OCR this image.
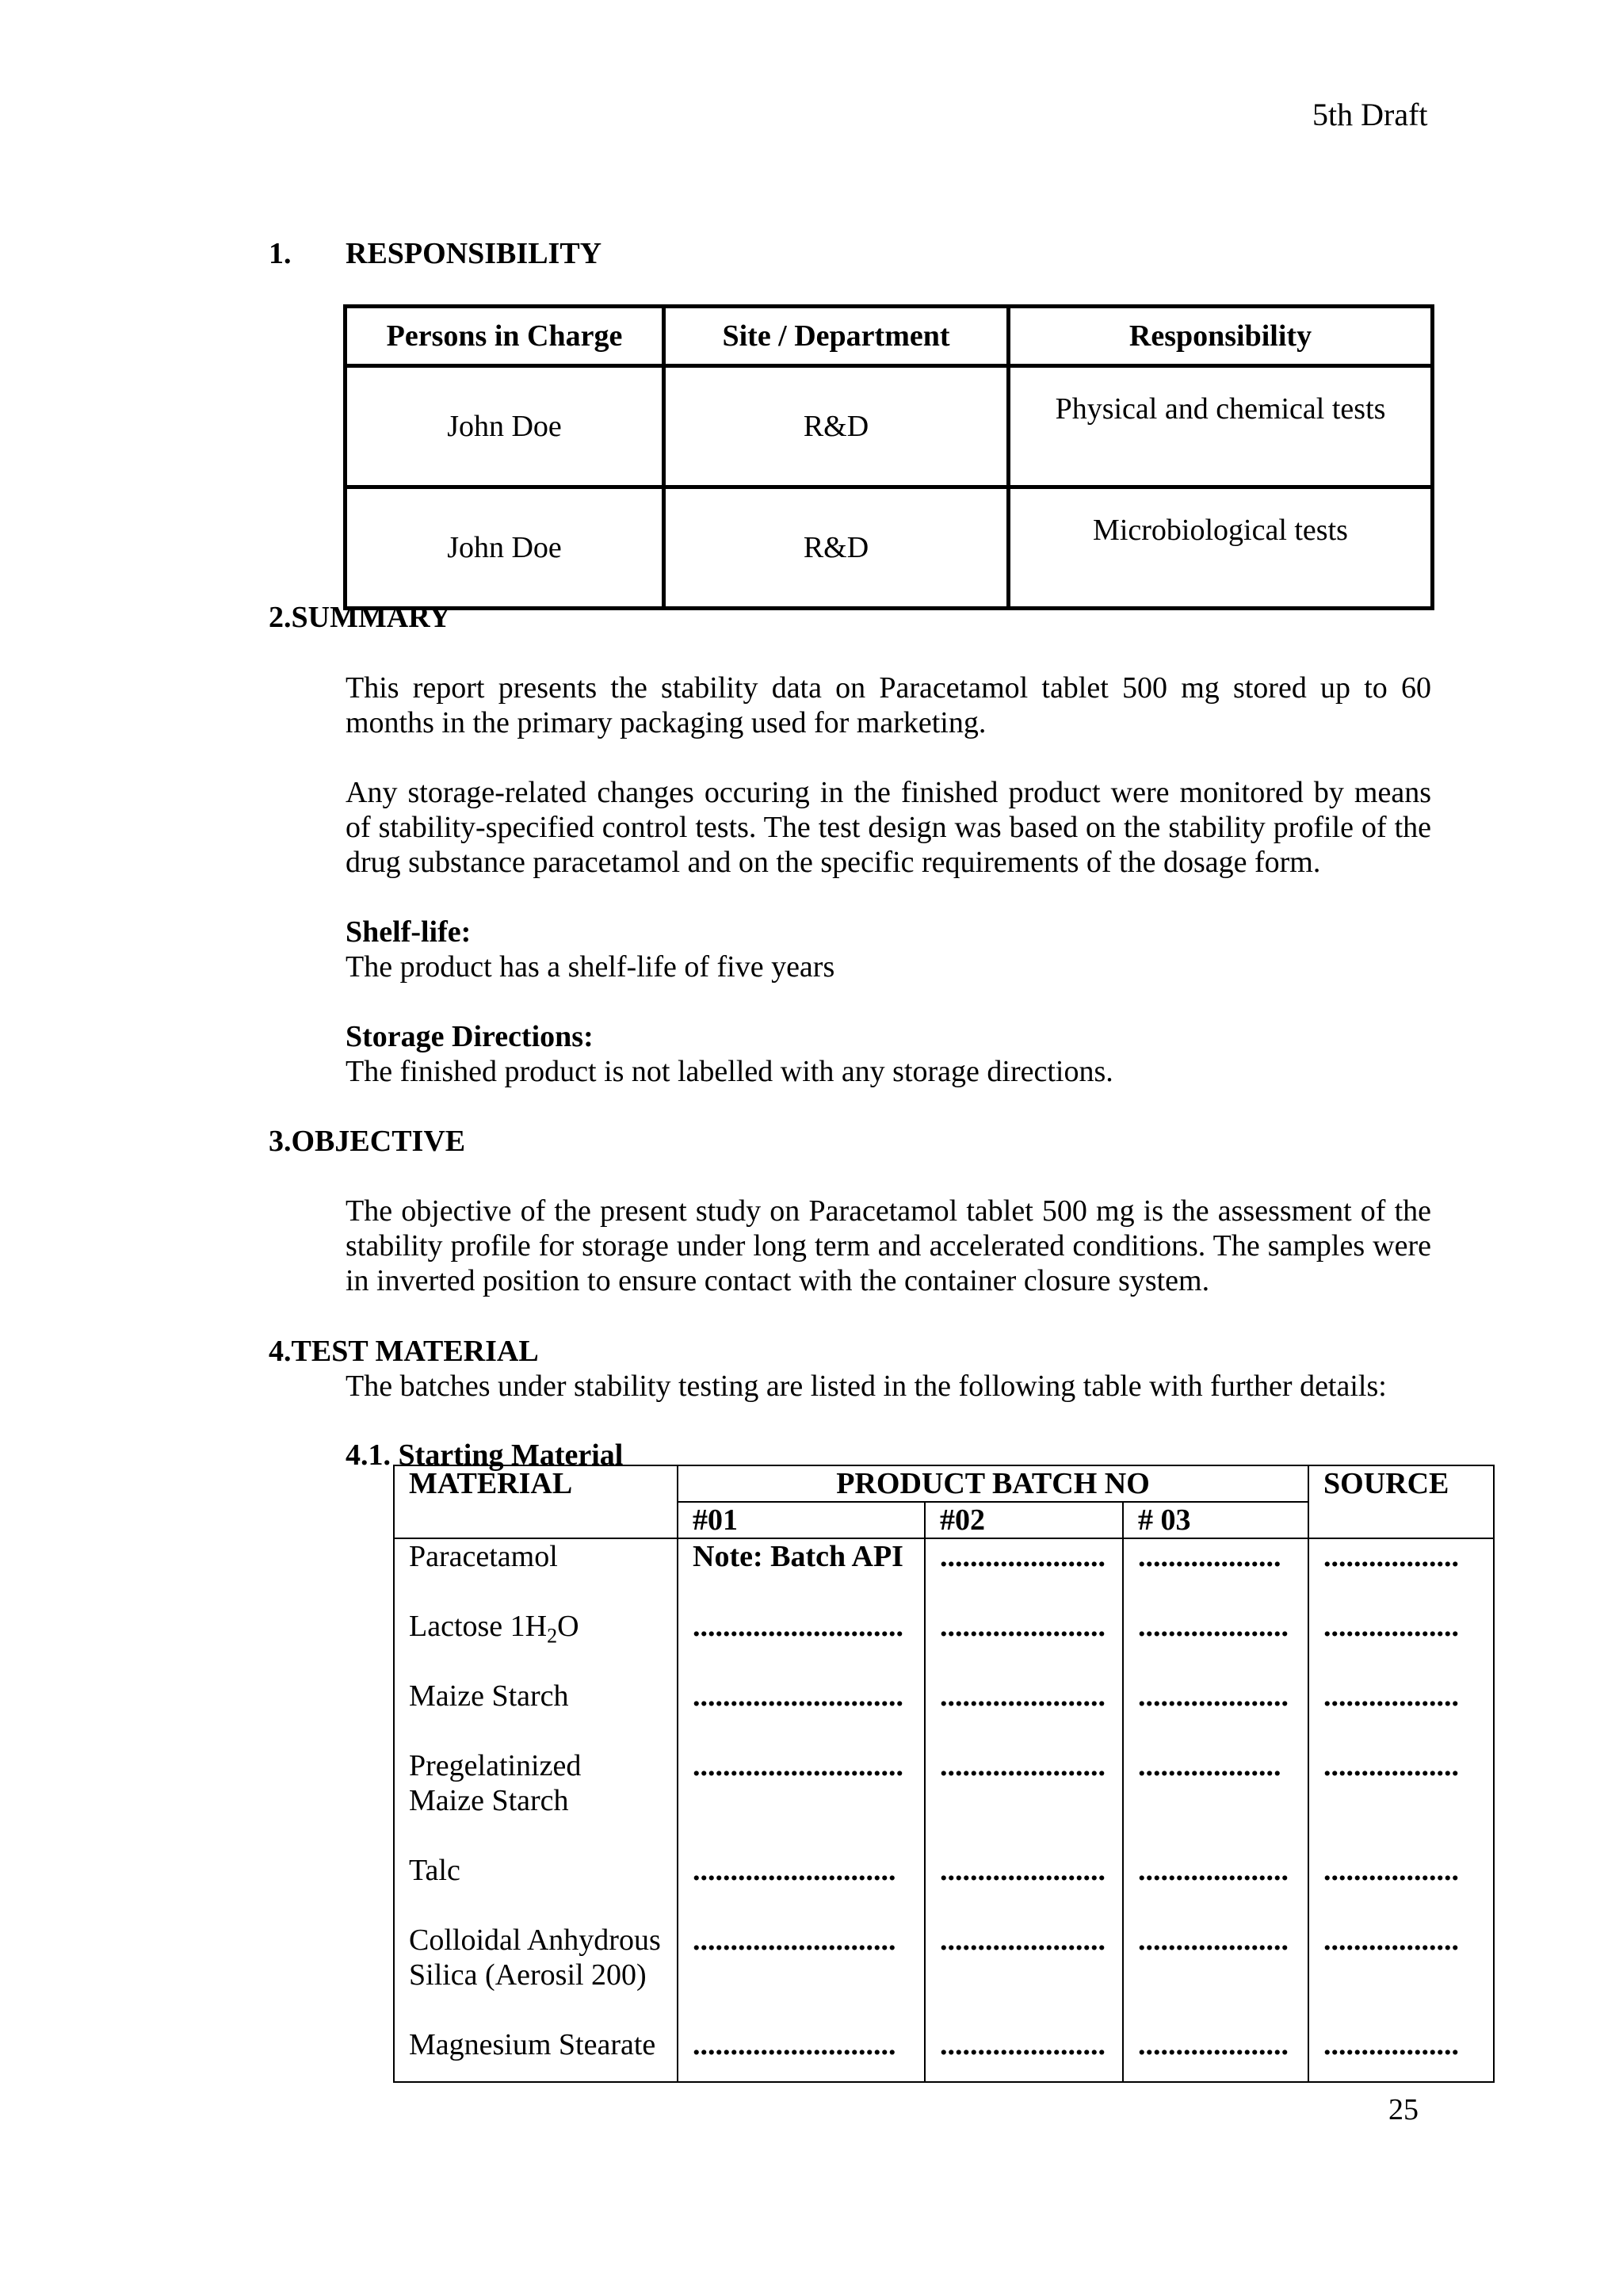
5th Draft
1. RESPONSIBILITY
Persons in Charge	Site / Department	Responsibility
John Doe	R&D	Physical and chemical tests
John Doe	R&D	Microbiological tests
2.SUMMARY
This report presents the stability data on Paracetamol tablet 500 mg stored up to 60 months in the primary packaging used for marketing.
Any storage-related changes occuring in the finished product were monitored by means of stability-specified control tests. The test design was based on the stability profile of the drug substance paracetamol and on the specific requirements of the dosage form.
Shelf-life:
The product has a shelf-life of five years
Storage Directions:
The finished product is not labelled with any storage directions.
3.OBJECTIVE
The objective of the present study on Paracetamol tablet 500 mg is the assessment of the stability profile for storage under long term and accelerated conditions. The samples were in inverted position to ensure contact with the container closure system.
4.TEST MATERIAL
The batches under stability testing are listed in the following table with further details:
4.1. Starting Material
MATERIAL	PRODUCT BATCH NO			SOURCE
	#01	#02	# 03	
Paracetamol	Note: Batch API	......................	...................	..................
Lactose $1H_2O$	............................	......................	....................	..................
Maize Starch	............................	......................	....................	..................

Pregelatinized
Maize Starch	............................	......................	...................	..................
Talc	...........................	......................	....................	..................

Colloidal Anhydrous
Silica (Aerosil 200)	...........................	......................	....................	..................
Magnesium Stearate	...........................	......................	....................	..................
25
